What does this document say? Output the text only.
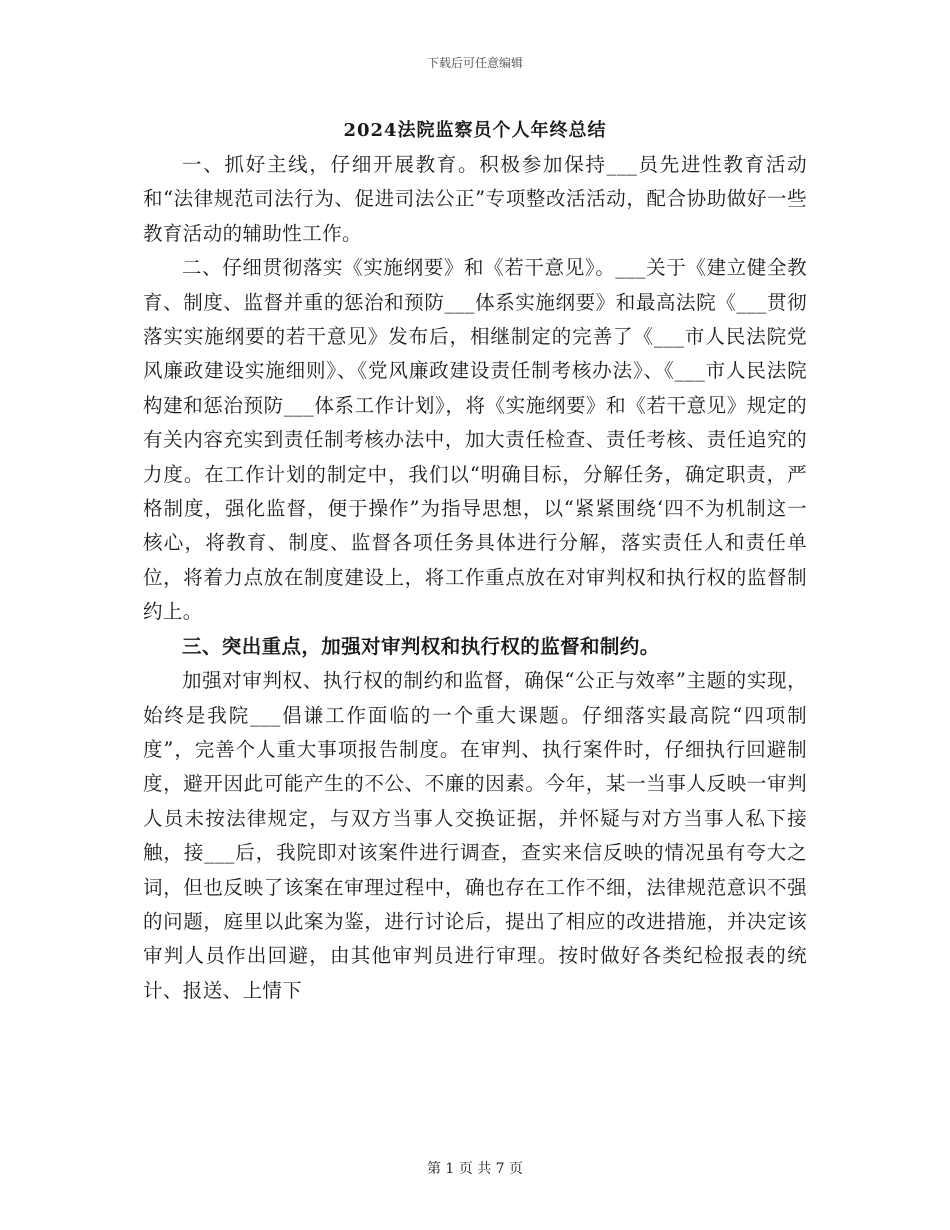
下载后可任意编辑
2024法院监察员个人年终总结

一、抓好主线，仔细开展教育。积极参加保持___员先进性教育活动和“法律规范司法行为、促进司法公正”专项整改活活动，配合协助做好一些教育活动的辅助性工作。

二、仔细贯彻落实《实施纲要》和《若干意见》。___关于《建立健全教育、制度、监督并重的惩治和预防___体系实施纲要》和最高法院《___贯彻落实实施纲要的若干意见》发布后，相继制定的完善了《___市人民法院党风廉政建设实施细则》、《党风廉政建设责任制考核办法》、《___市人民法院构建和惩治预防___体系工作计划》，将《实施纲要》和《若干意见》规定的有关内容充实到责任制考核办法中，加大责任检查、责任考核、责任追究的力度。在工作计划的制定中，我们以“明确目标，分解任务，确定职责，严格制度，强化监督，便于操作”为指导思想，以“紧紧围绕‘四不为机制这一核心，将教育、制度、监督各项任务具体进行分解，落实责任人和责任单位，将着力点放在制度建设上，将工作重点放在对审判权和执行权的监督制约上。

三、突出重点，加强对审判权和执行权的监督和制约。

加强对审判权、执行权的制约和监督，确保“公正与效率”主题的实现，始终是我院___倡谦工作面临的一个重大课题。仔细落实最高院“四项制度”，完善个人重大事项报告制度。在审判、执行案件时，仔细执行回避制度，避开因此可能产生的不公、不廉的因素。今年，某一当事人反映一审判人员未按法律规定，与双方当事人交换证据，并怀疑与对方当事人私下接触，接___后，我院即对该案件进行调查，查实来信反映的情况虽有夸大之词，但也反映了该案在审理过程中，确也存在工作不细，法律规范意识不强的问题，庭里以此案为鉴，进行讨论后，提出了相应的改进措施，并决定该审判人员作出回避，由其他审判员进行审理。按时做好各类纪检报表的统计、报送、上情下

第 1 页 共 7 页
